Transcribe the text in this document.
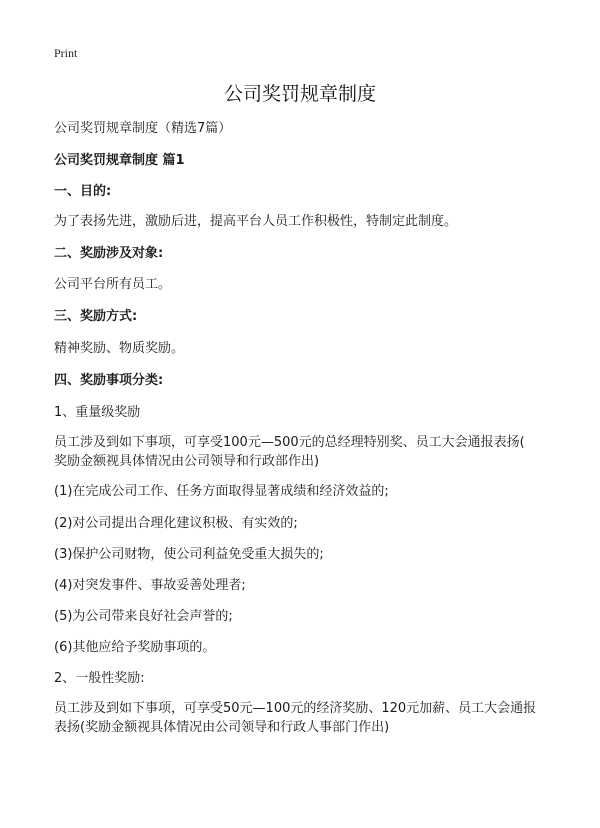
Print
公司奖罚规章制度
公司奖罚规章制度（精选7篇）
公司奖罚规章制度 篇1
一、目的:
为了表扬先进，激励后进，提高平台人员工作积极性，特制定此制度。
二、奖励涉及对象:
公司平台所有员工。
三、奖励方式:
精神奖励、物质奖励。
四、奖励事项分类:
1、重量级奖励
员工涉及到如下事项，可享受100元—500元的总经理特别奖、员工大会通报表扬(
奖励金额视具体情况由公司领导和行政部作出)
(1)在完成公司工作、任务方面取得显著成绩和经济效益的;
(2)对公司提出合理化建议积极、有实效的;
(3)保护公司财物，使公司利益免受重大损失的;
(4)对突发事件、事故妥善处理者;
(5)为公司带来良好社会声誉的;
(6)其他应给予奖励事项的。
2、一般性奖励:
员工涉及到如下事项，可享受50元—100元的经济奖励、120元加薪、员工大会通报
表扬(奖励金额视具体情况由公司领导和行政人事部门作出)
